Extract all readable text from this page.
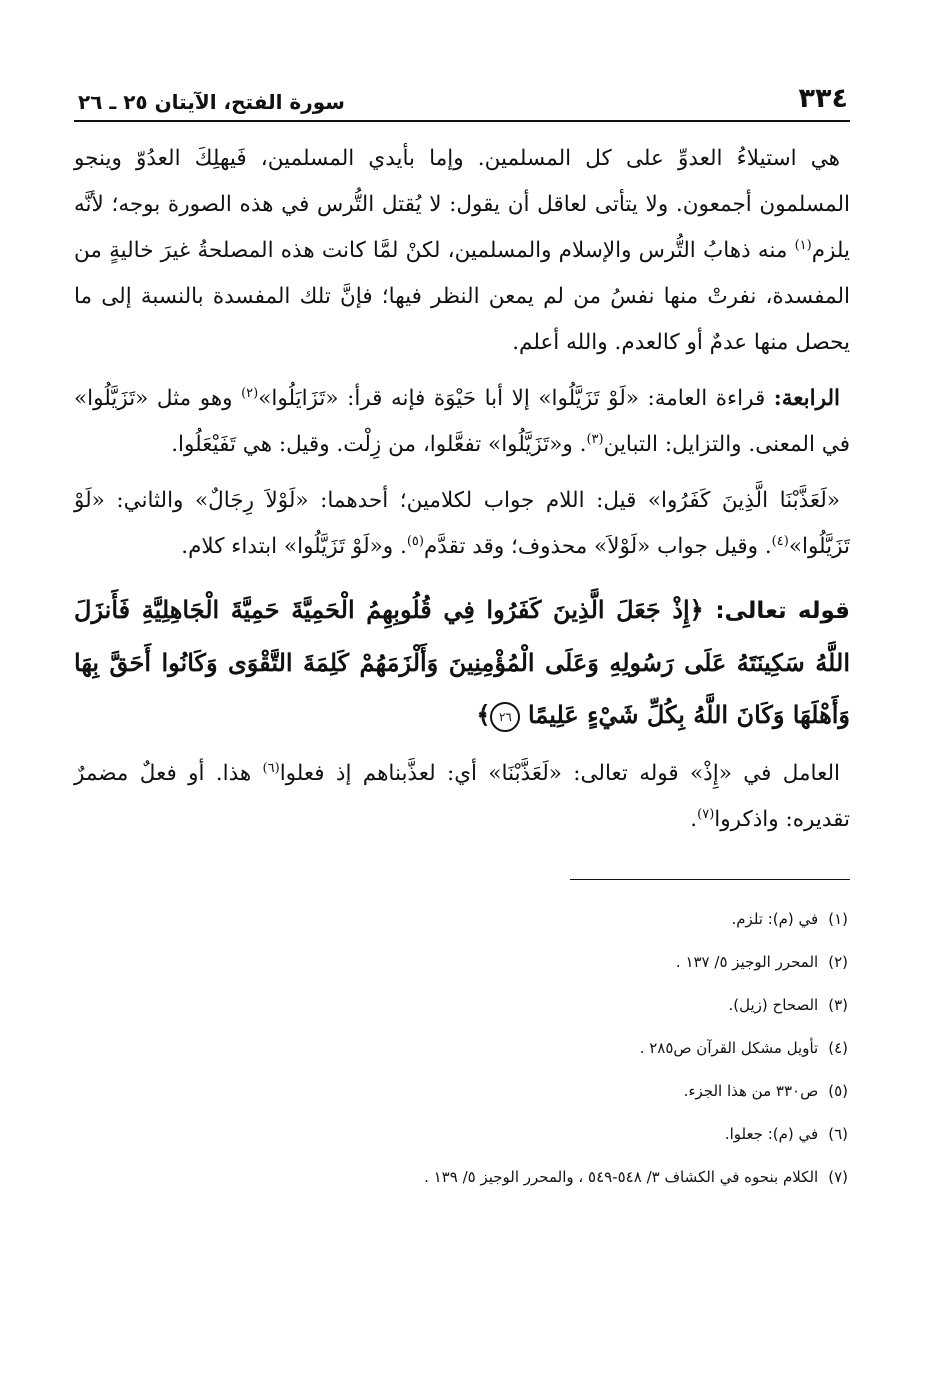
٣٣٤
سورة الفتح، الآيتان ٢٥ ـ ٢٦

هي استيلاءُ العدوِّ على كل المسلمين. وإما بأيدي المسلمين، فَيهلِكَ العدُوّ وينجو المسلمون أجمعون. ولا يتأتى لعاقل أن يقول: لا يُقتل التُّرس في هذه الصورة بوجه؛ لأنَّه يلزم$^{(١)}$ منه ذهابُ التُّرس والإسلام والمسلمين، لكنْ لمَّا كانت هذه المصلحةُ غيرَ خاليةٍ من المفسدة، نفرتْ منها نفسُ من لم يمعن النظر فيها؛ فإنَّ تلك المفسدة بالنسبة إلى ما يحصل منها عدمٌ أو كالعدم. والله أعلم.

الرابعة: قراءة العامة: «لَوْ تَزَيَّلُوا» إلا أبا حَيْوَة فإنه قرأ: «تَزَايَلُوا»$^{(٢)}$ وهو مثل «تَزَيَّلُوا» في المعنى. والتزايل: التباين$^{(٣)}$. و«تَزَيَّلُوا» تفعَّلوا، من زِلْت. وقيل: هي تَفَيْعَلُوا.

«لَعَذَّبْنَا الَّذِينَ كَفَرُوا» قيل: اللام جواب لكلامين؛ أحدهما: «لَوْلاَ رِجَالٌ» والثاني: «لَوْ تَزَيَّلُوا»$^{(٤)}$. وقيل جواب «لَوْلاَ» محذوف؛ وقد تقدَّم$^{(٥)}$. و«لَوْ تَزَيَّلُوا» ابتداء كلام.

قوله تعالى: ﴿إِذْ جَعَلَ الَّذِينَ كَفَرُوا فِي قُلُوبِهِمُ الْحَمِيَّةَ حَمِيَّةَ الْجَاهِلِيَّةِ فَأَنزَلَ اللَّهُ سَكِينَتَهُ عَلَى رَسُولِهِ وَعَلَى الْمُؤْمِنِينَ وَأَلْزَمَهُمْ كَلِمَةَ التَّقْوَى وَكَانُوا أَحَقَّ بِهَا وَأَهْلَهَا وَكَانَ اللَّهُ بِكُلِّ شَيْءٍ عَلِيمًا ٢٦﴾

العامل في «إِذْ» قوله تعالى: «لَعَذَّبْنَا» أي: لعذَّبناهم إذ فعلوا$^{(٦)}$ هذا. أو فعلٌ مضمرٌ تقديره: واذكروا$^{(٧)}$.

(١)في (م): تلزم.
(٢)المحرر الوجيز ٥/ ١٣٧ .
(٣)الصحاح (زيل).
(٤)تأويل مشكل القرآن ص٢٨٥ .
(٥)ص٣٣٠ من هذا الجزء.
(٦)في (م): جعلوا.
(٧)الكلام بنحوه في الكشاف ٣/ ٥٤٨-٥٤٩ ، والمحرر الوجيز ٥/ ١٣٩ .
